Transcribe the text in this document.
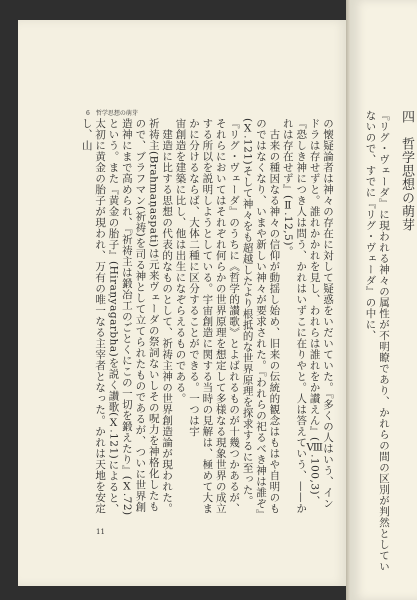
6　哲学思想の萌芽

の懐疑論者は神々の存在に対して疑惑をいだいていた。『多くの人はいう、インドラは存せずと。誰れかかれを見し、われらは誰れをか讃えん』(Ⅷ.100,3)、『恐しき神につき人は問う、かれはいずこに在りやと。人は答えていう、——かれは存在せず』(Ⅱ.12,5)。

古来の種因なる神々の信仰が動揺し始め、旧来の伝統的観念はもはや自明のものではなくなり、いまや新しい神々が要求された。『われらの祀るべき神は誰ぞ』(Ⅹ.121)そして神々をも超越したより根抵的な世界原理を探求するに至った。『リグ・ヴェーダ』のうちに《哲学的讃歌》とよばれるものが十幾つかあるが、それらにおいてはそれぞれ何らかの世界原理を想定して多様なる現象世界の成立する所以を説明しようとしている。宇宙創造に関する当時の見解は、極めて大まかに分けるならば、大体二種に区分することができる。一つは宇

宙創造を建築に比し、他は出生になぞらえるものである。

建造に比する思想の代表的なものとして、祈祷主神の世界創造論が現われた。祈祷主(Brahmaṇaspati)は元来ヴェーダの祭詞ないしその呪力を神格化したもので、ブラフマン(祈祷)を司る神として立てられたものであるが、ついに世界創造神にまで高められ、『祈祷主は鍛冶工のごとくにこの一切を鍛えたり』(Ⅹ.72)という。また『黄金の胎子』(Hiraṇyagarbha)を説く讃歌(Ⅹ.121)によると、太初に黄金の胎子が現われ、万有の唯一なる主宰者となった。かれは天地を安定し、山

11
四　哲学思想の萌芽

『リグ・ヴェーダ』に現われる神々の属性が不明瞭であり、かれらの間の区別が判然としていないので、すでに『リグ・ヴェーダ』の中に、
